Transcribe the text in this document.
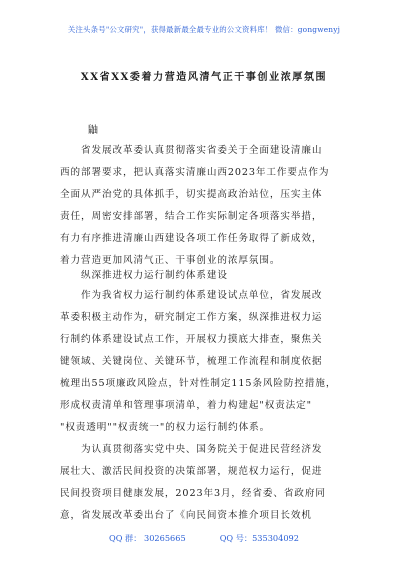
关注头条号"公文研究"，获得最新最全最专业的公文资料库！ 微信：gongwenyj
XX省XX委着力营造风清气正干事创业浓厚氛围
鼬
省发展改革委认真贯彻落实省委关于全面建设清廉山
西的部署要求，把认真落实清廉山西2023年工作要点作为
全面从严治党的具体抓手，切实提高政治站位，压实主体
责任，周密安排部署，结合工作实际制定各项落实举措，
有力有序推进清廉山西建设各项工作任务取得了新成效，
着力营造更加风清气正、干事创业的浓厚氛围。
纵深推进权力运行制约体系建设
作为我省权力运行制约体系建设试点单位，省发展改
革委积极主动作为，研究制定工作方案，纵深推进权力运
行制约体系建设试点工作，开展权力摸底大排查，聚焦关
键领域、关键岗位、关键环节，梳理工作流程和制度依据
梳理出55项廉政风险点，针对性制定115条风险防控措施，
形成权责清单和管理事项清单，着力构建起"权责法定"
"权责透明""权责统一"的权力运行制约体系。
为认真贯彻落实党中央、国务院关于促进民营经济发
展壮大、激活民间投资的决策部署，规范权力运行，促进
民间投资项目健康发展，2023年3月，经省委、省政府同
意，省发展改革委出台了《向民间资本推介项目长效机
QQ 群： 30265665	QQ 号：535304092
